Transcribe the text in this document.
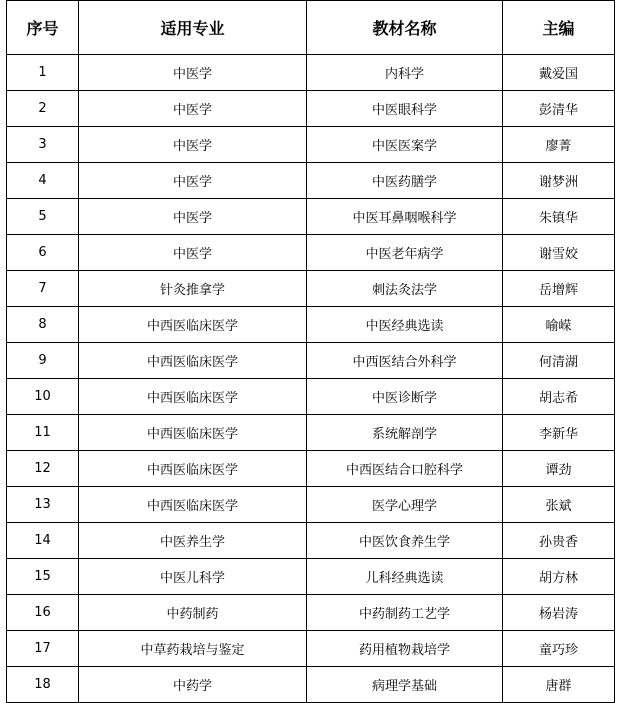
序号	适用专业	教材名称	主编
1	中医学	内科学	戴爱国
2	中医学	中医眼科学	彭清华
3	中医学	中医医案学	廖菁
4	中医学	中医药膳学	谢梦洲
5	中医学	中医耳鼻咽喉科学	朱镇华
6	中医学	中医老年病学	谢雪姣
7	针灸推拿学	刺法灸法学	岳增辉
8	中西医临床医学	中医经典选读	喻嵘
9	中西医临床医学	中西医结合外科学	何清湖
10	中西医临床医学	中医诊断学	胡志希
11	中西医临床医学	系统解剖学	李新华
12	中西医临床医学	中西医结合口腔科学	谭劲
13	中西医临床医学	医学心理学	张斌
14	中医养生学	中医饮食养生学	孙贵香
15	中医儿科学	儿科经典选读	胡方林
16	中药制药	中药制药工艺学	杨岩涛
17	中草药栽培与鉴定	药用植物栽培学	童巧珍
18	中药学	病理学基础	唐群
